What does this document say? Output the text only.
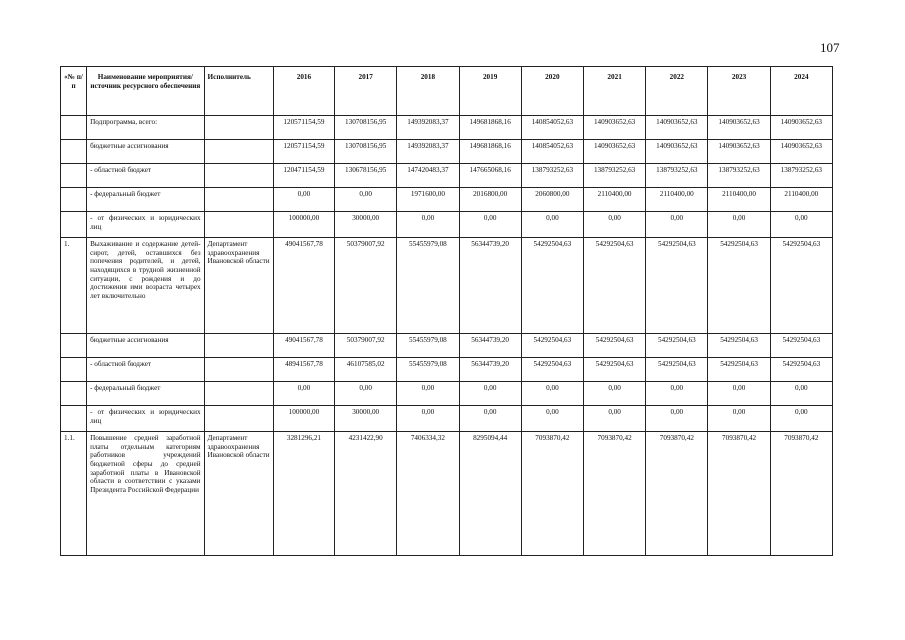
107
«№ п/п	Наименование мероприятия/источник ресурсного обеспечения	Исполнитель	2016	2017	2018	2019	2020	2021	2022	2023	2024
	Подпрограмма, всего:		120571154,59	130708156,95	149392083,37	149681868,16	140854052,63	140903652,63	140903652,63	140903652,63	140903652,63
	бюджетные ассигнования		120571154,59	130708156,95	149392083,37	149681868,16	140854052,63	140903652,63	140903652,63	140903652,63	140903652,63
	- областной бюджет		120471154,59	130678156,95	147420483,37	147665068,16	138793252,63	138793252,63	138793252,63	138793252,63	138793252,63
	- федеральный бюджет		0,00	0,00	1971600,00	2016800,00	2060800,00	2110400,00	2110400,00	2110400,00	2110400,00
	- от физических и юридических лиц		100000,00	30000,00	0,00	0,00	0,00	0,00	0,00	0,00	0,00
1.	Выхаживание и содержание детей-сирот, детей, оставшихся без попечения родителей, и детей, находящихся в трудной жизненной ситуации, с рождения и до достижения ими возраста четырех лет включительно	Департамент здравоохранения Ивановской области	49041567,78	50379007,92	55455979,08	56344739,20	54292504,63	54292504,63	54292504,63	54292504,63	54292504,63
	бюджетные ассигнования		49041567,78	50379007,92	55455979,08	56344739,20	54292504,63	54292504,63	54292504,63	54292504,63	54292504,63
	- областной бюджет		48941567,78	46107585,02	55455979,08	56344739,20	54292504,63	54292504,63	54292504,63	54292504,63	54292504,63
	- федеральный бюджет		0,00	0,00	0,00	0,00	0,00	0,00	0,00	0,00	0,00
	- от физических и юридических лиц		100000,00	30000,00	0,00	0,00	0,00	0,00	0,00	0,00	0,00
1.1.	Повышение средней заработной платы отдельным категориям работников учреждений бюджетной сферы до средней заработной платы в Ивановской области в соответствии с указами Президента Российской Федерации	Департамент здравоохранения Ивановской области	3281296,21	4231422,90	7406334,32	8295094,44	7093870,42	7093870,42	7093870,42	7093870,42	7093870,42
